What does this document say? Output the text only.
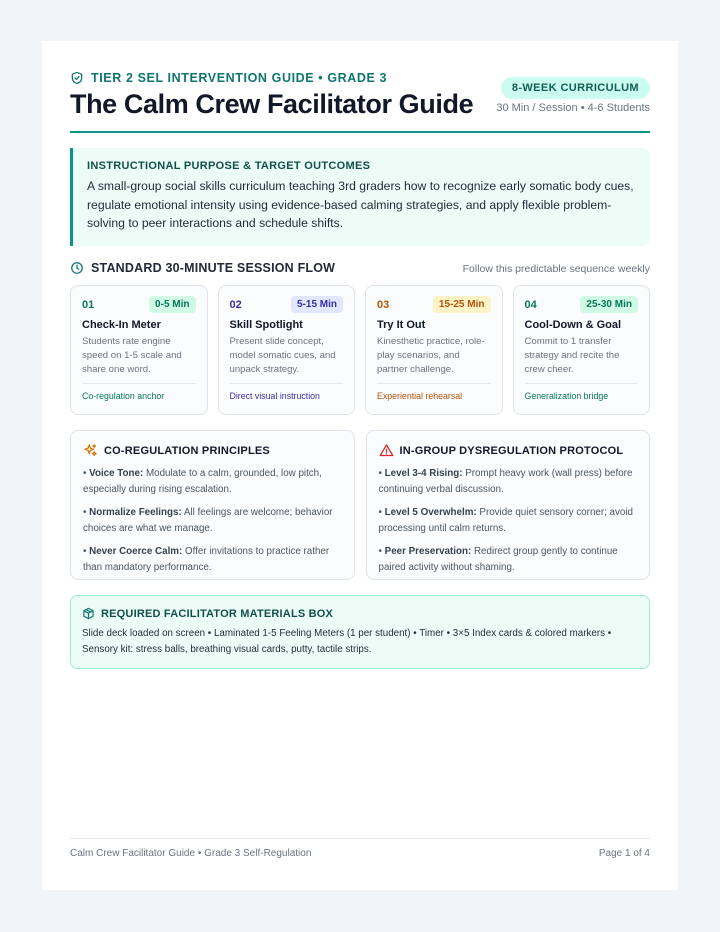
TIER 2 SEL INTERVENTION GUIDE • GRADE 3
The Calm Crew Facilitator Guide
8-WEEK CURRICULUM
30 Min / Session • 4-6 Students
INSTRUCTIONAL PURPOSE & TARGET OUTCOMES
A small-group social skills curriculum teaching 3rd graders how to recognize early somatic body cues, regulate emotional intensity using evidence-based calming strategies, and apply flexible problem-solving to peer interactions and schedule shifts.
STANDARD 30-MINUTE SESSION FLOW	Follow this predictable sequence weekly
01	0-5 Min
Check-In Meter
Students rate engine speed on 1-5 scale and share one word.
Co-regulation anchor
02	5-15 Min
Skill Spotlight
Present slide concept, model somatic cues, and unpack strategy.
Direct visual instruction
03	15-25 Min
Try It Out
Kinesthetic practice, role-play scenarios, and partner challenge.
Experiential rehearsal
04	25-30 Min
Cool-Down & Goal
Commit to 1 transfer strategy and recite the crew cheer.
Generalization bridge
CO-REGULATION PRINCIPLES
• Voice Tone: Modulate to a calm, grounded, low pitch, especially during rising escalation.
• Normalize Feelings: All feelings are welcome; behavior choices are what we manage.
• Never Coerce Calm: Offer invitations to practice rather than mandatory performance.
IN-GROUP DYSREGULATION PROTOCOL
• Level 3-4 Rising: Prompt heavy work (wall press) before continuing verbal discussion.
• Level 5 Overwhelm: Provide quiet sensory corner; avoid processing until calm returns.
• Peer Preservation: Redirect group gently to continue paired activity without shaming.
REQUIRED FACILITATOR MATERIALS BOX
Slide deck loaded on screen • Laminated 1-5 Feeling Meters (1 per student) • Timer • 3×5 Index cards & colored markers • Sensory kit: stress balls, breathing visual cards, putty, tactile strips.
Calm Crew Facilitator Guide • Grade 3 Self-Regulation	Page 1 of 4
